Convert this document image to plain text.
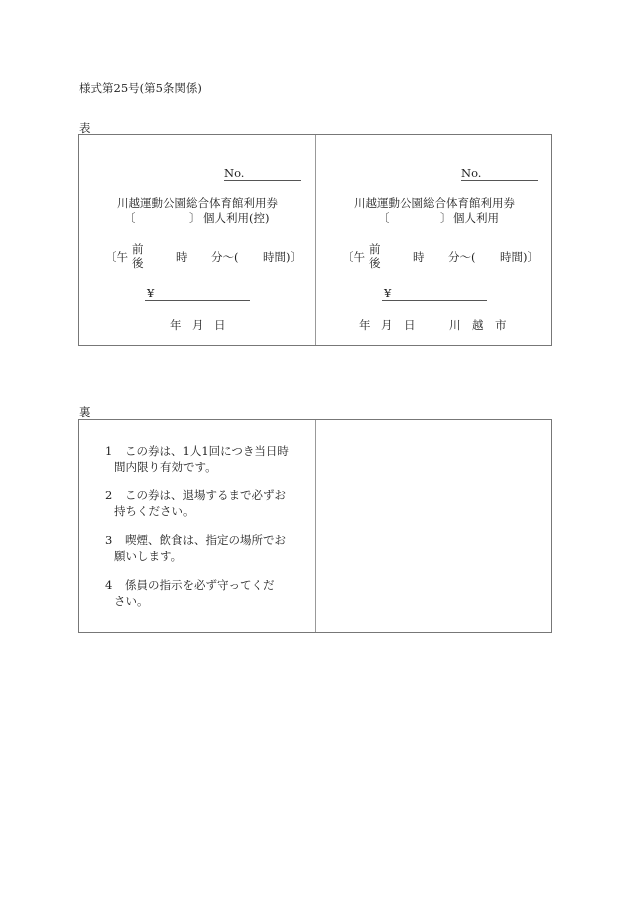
様式第25号(第5条関係)
表
No.
川越運動公園総合体育館利用券
〔	〕 個人利用(控)
〔午
前
後	時 分〜( 時間)〕
¥
年 月 日
No.
川越運動公園総合体育館利用券
〔	〕 個人利用
〔午
前
後	時 分〜( 時間)〕
¥
年 月 日	川　越　市
裏
1 この券は、1人1回につき当日時
間内限り有効です。
2 この券は、退場するまで必ずお
持ちください。
3 喫煙、飲食は、指定の場所でお
願いします。
4 係員の指示を必ず守ってくだ
さい。
